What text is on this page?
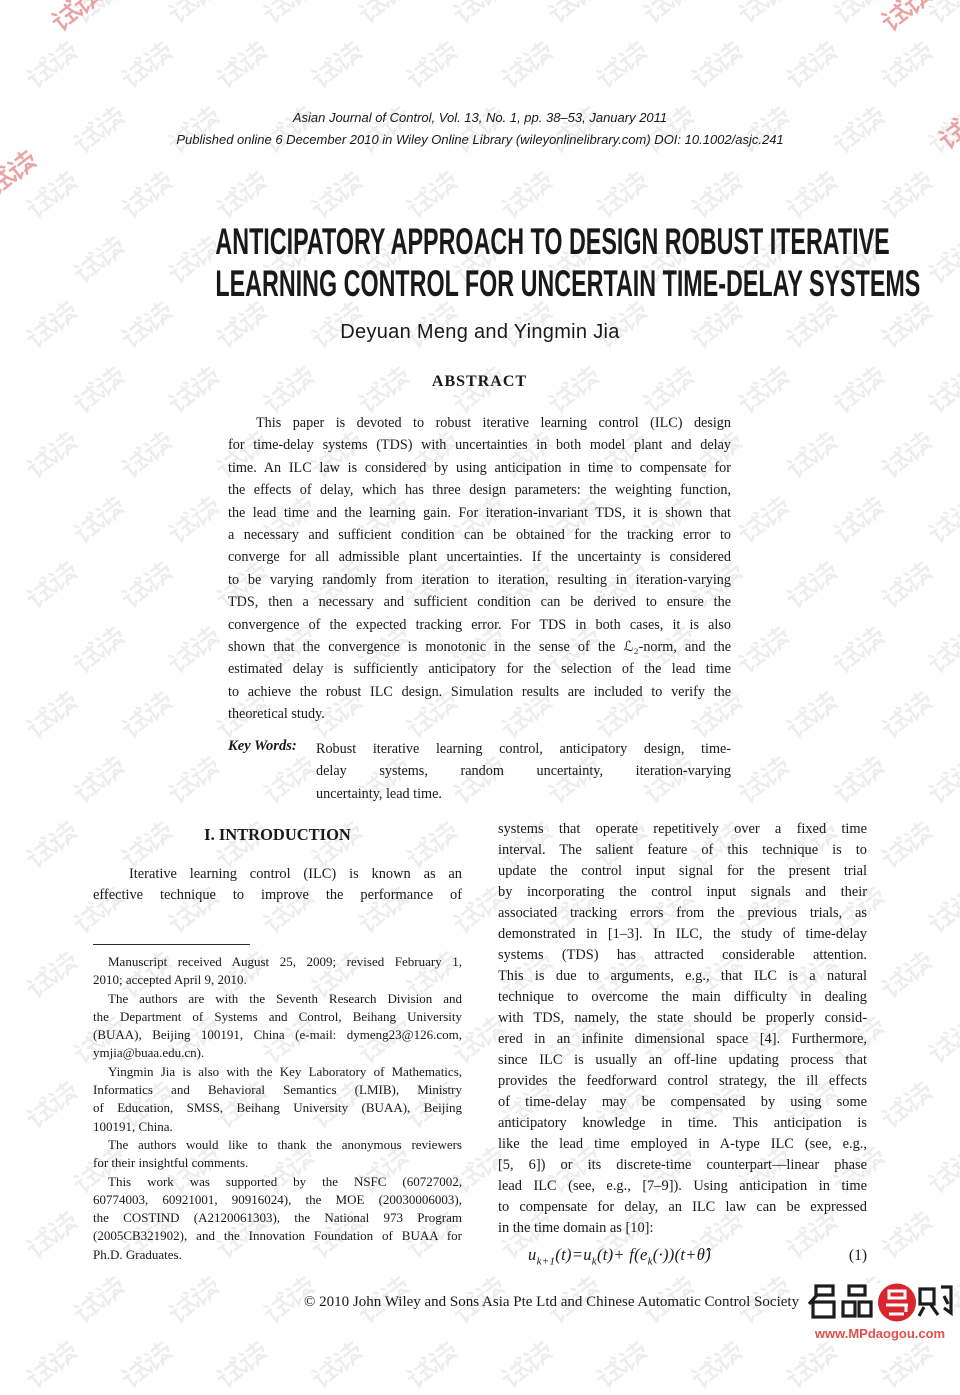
Asian Journal of Control, Vol. 13, No. 1, pp. 38–53, January 2011
Published online 6 December 2010 in Wiley Online Library (wileyonlinelibrary.com) DOI: 10.1002/asjc.241
ANTICIPATORY APPROACH TO DESIGN ROBUST ITERATIVE
LEARNING CONTROL FOR UNCERTAIN TIME-DELAY SYSTEMS
Deyuan Meng and Yingmin Jia
ABSTRACT
This paper is devoted to robust iterative learning control (ILC) design
for time-delay systems (TDS) with uncertainties in both model plant and delay
time. An ILC law is considered by using anticipation in time to compensate for
the effects of delay, which has three design parameters: the weighting function,
the lead time and the learning gain. For iteration-invariant TDS, it is shown that
a necessary and sufficient condition can be obtained for the tracking error to
converge for all admissible plant uncertainties. If the uncertainty is considered
to be varying randomly from iteration to iteration, resulting in iteration-varying
TDS, then a necessary and sufficient condition can be derived to ensure the
convergence of the expected tracking error. For TDS in both cases, it is also
shown that the convergence is monotonic in the sense of the ℒ₂-norm, and the
estimated delay is sufficiently anticipatory for the selection of the lead time
to achieve the robust ILC design. Simulation results are included to verify the
theoretical study.
Key Words: Robust iterative learning control, anticipatory design, time-
delay systems, random uncertainty, iteration-varying
uncertainty, lead time.
I. INTRODUCTION
Iterative learning control (ILC) is known as an
effective technique to improve the performance of
Manuscript received August 25, 2009; revised February 1,
2010; accepted April 9, 2010.
The authors are with the Seventh Research Division and
the Department of Systems and Control, Beihang University
(BUAA), Beijing 100191, China (e-mail: dymeng23@126.com,
ymjia@buaa.edu.cn).
Yingmin Jia is also with the Key Laboratory of Mathematics,
Informatics and Behavioral Semantics (LMIB), Ministry
of Education, SMSS, Beihang University (BUAA), Beijing
100191, China.
The authors would like to thank the anonymous reviewers
for their insightful comments.
This work was supported by the NSFC (60727002,
60774003, 60921001, 90916024), the MOE (20030006003),
the COSTIND (A2120061303), the National 973 Program
(2005CB321902), and the Innovation Foundation of BUAA for
Ph.D. Graduates.
systems that operate repetitively over a fixed time
interval. The salient feature of this technique is to
update the control input signal for the present trial
by incorporating the control input signals and their
associated tracking errors from the previous trials, as
demonstrated in [1–3]. In ILC, the study of time-delay
systems (TDS) has attracted considerable attention.
This is due to arguments, e.g., that ILC is a natural
technique to overcome the main difficulty in dealing
with TDS, namely, the state should be properly consid-
ered in an infinite dimensional space [4]. Furthermore,
since ILC is usually an off-line updating process that
provides the feedforward control strategy, the ill effects
of time-delay may be compensated by using some
anticipatory knowledge in time. This anticipation is
like the lead time employed in A-type ILC (see, e.g.,
[5, 6]) or its discrete-time counterpart—linear phase
lead ILC (see, e.g., [7–9]). Using anticipation in time
to compensate for delay, an ILC law can be expressed
in the time domain as [10]:
$u_{k+1}(t)=u_k(t)+$ $f(e_k(\cdot))(t+\thetâ)$	(1)
© 2010 John Wiley and Sons Asia Pte Ltd and Chinese Automatic Control Society
www.MPdaogou.com
